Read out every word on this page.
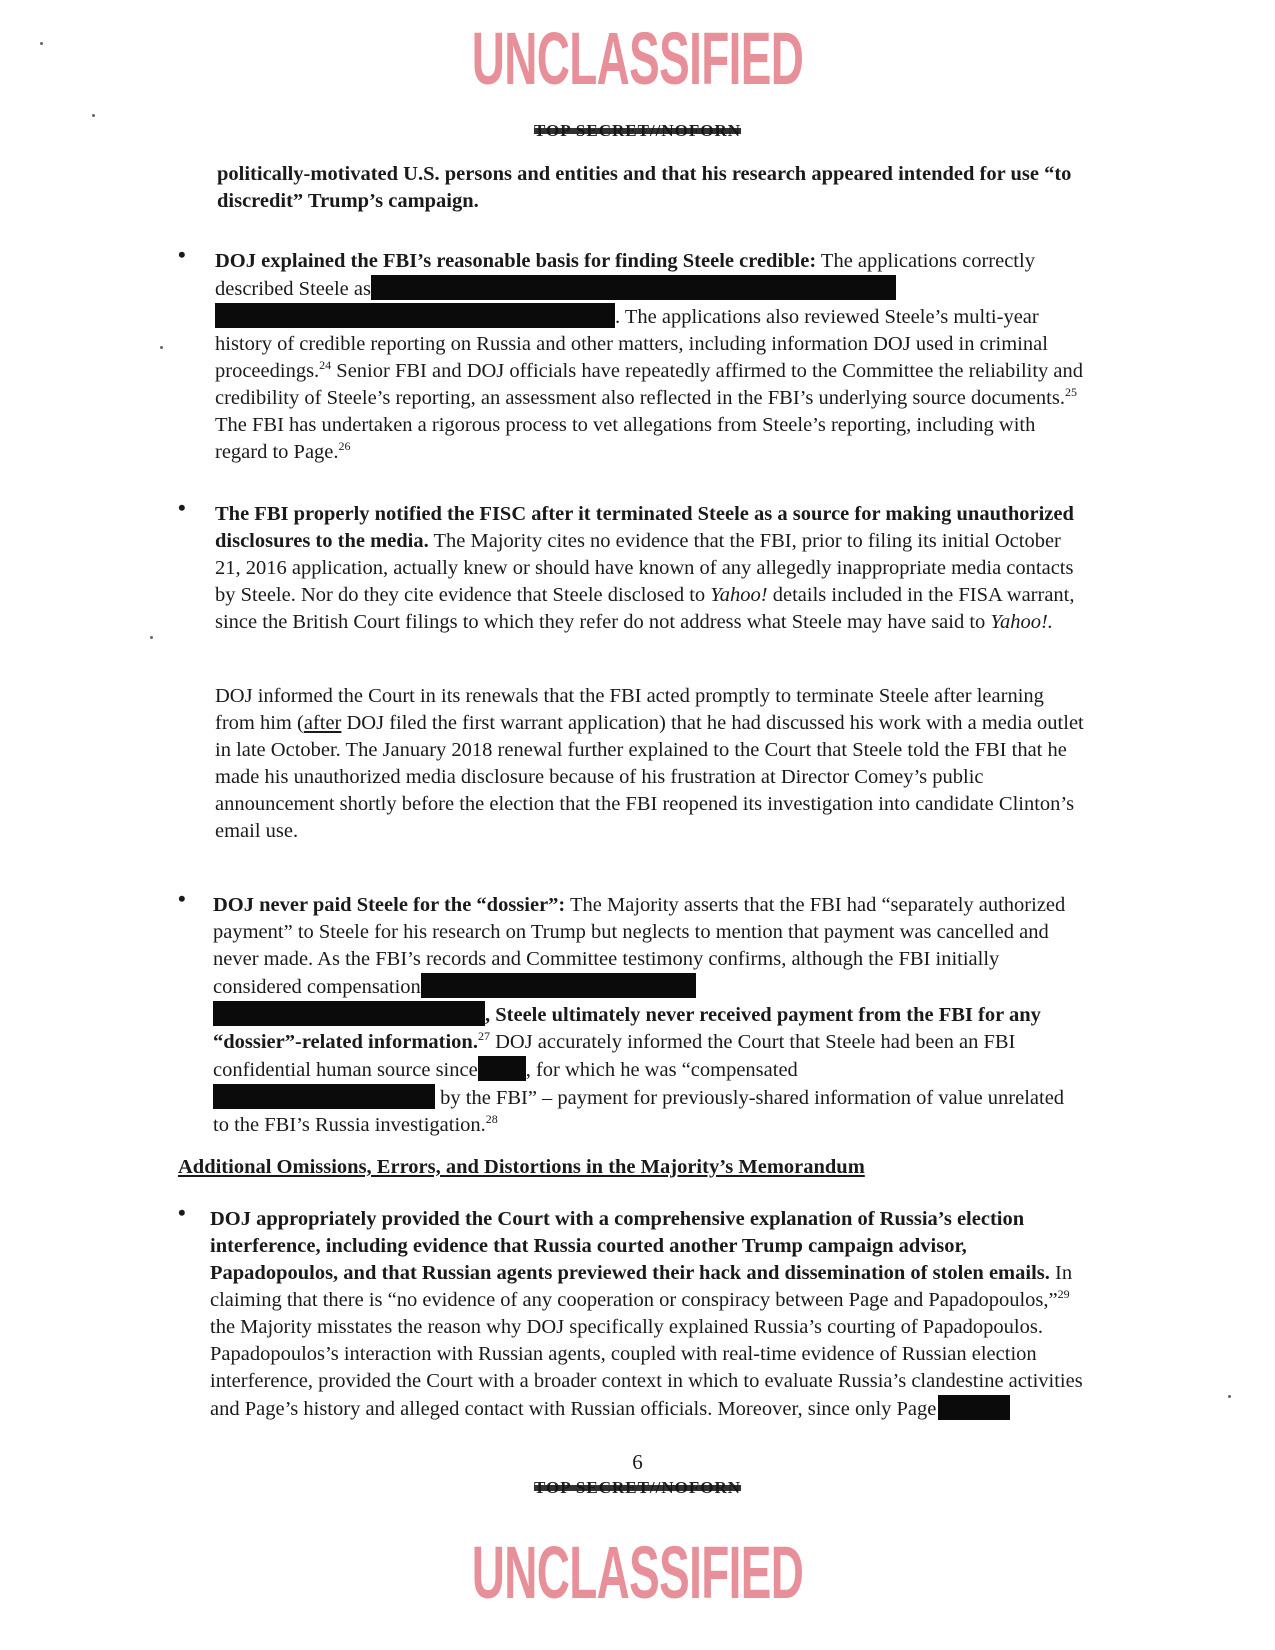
UNCLASSIFIED
TOP SECRET//NOFORN
politically-motivated U.S. persons and entities and that his research appeared intended for use “to discredit” Trump’s campaign.
• DOJ explained the FBI’s reasonable basis for finding Steele credible: The applications correctly described Steele as
. The applications also reviewed Steele’s multi-year history of credible reporting on Russia and other matters, including information DOJ used in criminal proceedings.$^{24}$ Senior FBI and DOJ officials have repeatedly affirmed to the Committee the reliability and credibility of Steele’s reporting, an assessment also reflected in the FBI’s underlying source documents.$^{25}$ The FBI has undertaken a rigorous process to vet allegations from Steele’s reporting, including with regard to Page.$^{26}$
• The FBI properly notified the FISC after it terminated Steele as a source for making unauthorized disclosures to the media. The Majority cites no evidence that the FBI, prior to filing its initial October 21, 2016 application, actually knew or should have known of any allegedly inappropriate media contacts by Steele. Nor do they cite evidence that Steele disclosed to Yahoo! details included in the FISA warrant, since the British Court filings to which they refer do not address what Steele may have said to Yahoo!.
DOJ informed the Court in its renewals that the FBI acted promptly to terminate Steele after learning from him (after DOJ filed the first warrant application) that he had discussed his work with a media outlet in late October. The January 2018 renewal further explained to the Court that Steele told the FBI that he made his unauthorized media disclosure because of his frustration at Director Comey’s public announcement shortly before the election that the FBI reopened its investigation into candidate Clinton’s email use.
• DOJ never paid Steele for the “dossier”: The Majority asserts that the FBI had “separately authorized payment” to Steele for his research on Trump but neglects to mention that payment was cancelled and never made. As the FBI’s records and Committee testimony confirms, although the FBI initially considered compensation
, Steele ultimately never received payment from the FBI for any “dossier”-related information.$^{27}$ DOJ accurately informed the Court that Steele had been an FBI confidential human source since , for which he was “compensated
by the FBI” – payment for previously-shared information of value unrelated to the FBI’s Russia investigation.$^{28}$
Additional Omissions, Errors, and Distortions in the Majority’s Memorandum
• DOJ appropriately provided the Court with a comprehensive explanation of Russia’s election interference, including evidence that Russia courted another Trump campaign advisor, Papadopoulos, and that Russian agents previewed their hack and dissemination of stolen emails. In claiming that there is “no evidence of any cooperation or conspiracy between Page and Papadopoulos,”$^{29}$ the Majority misstates the reason why DOJ specifically explained Russia’s courting of Papadopoulos. Papadopoulos’s interaction with Russian agents, coupled with real-time evidence of Russian election interference, provided the Court with a broader context in which to evaluate Russia’s clandestine activities and Page’s history and alleged contact with Russian officials. Moreover, since only Page
6
TOP SECRET//NOFORN
UNCLASSIFIED
